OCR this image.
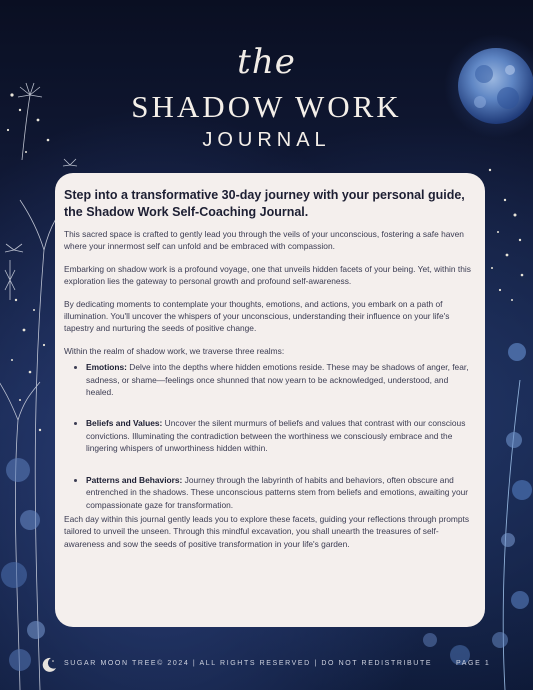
the
SHADOW WORK
JOURNAL

Step into a transformative 30-day journey with your personal guide, the Shadow Work Self-Coaching Journal.

This sacred space is crafted to gently lead you through the veils of your unconscious, fostering a safe haven where your innermost self can unfold and be embraced with compassion.

Embarking on shadow work is a profound voyage, one that unveils hidden facets of your being. Yet, within this exploration lies the gateway to personal growth and profound self-awareness.

By dedicating moments to contemplate your thoughts, emotions, and actions, you embark on a path of illumination. You'll uncover the whispers of your unconscious, understanding their influence on your life's tapestry and nurturing the seeds of positive change.

Within the realm of shadow work, we traverse three realms:

• Emotions: Delve into the depths where hidden emotions reside. These may be shadows of anger, fear, sadness, or shame—feelings once shunned that now yearn to be acknowledged, understood, and healed.
• Beliefs and Values: Uncover the silent murmurs of beliefs and values that contrast with our conscious convictions. Illuminating the contradiction between the worthiness we consciously embrace and the lingering whispers of unworthiness hidden within.
• Patterns and Behaviors: Journey through the labyrinth of habits and behaviors, often obscure and entrenched in the shadows. These unconscious patterns stem from beliefs and emotions, awaiting your compassionate gaze for transformation.

Each day within this journal gently leads you to explore these facets, guiding your reflections through prompts tailored to unveil the unseen. Through this mindful excavation, you shall unearth the treasures of self-awareness and sow the seeds of positive transformation in your life's garden.

SUGAR MOON TREE© 2024 | ALL RIGHTS RESERVED | DO NOT REDISTRIBUTE	PAGE 1
